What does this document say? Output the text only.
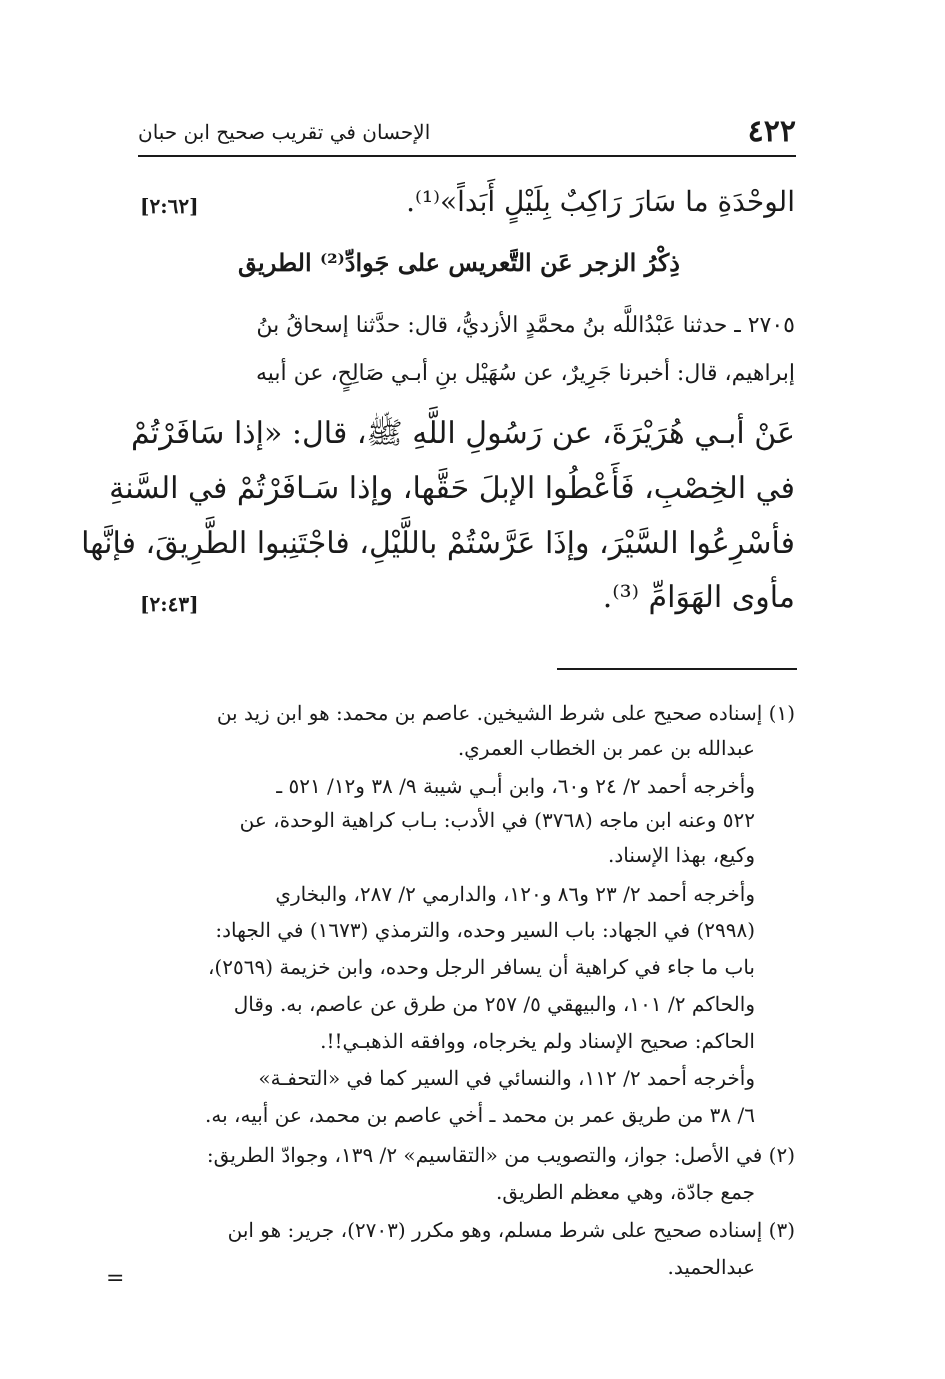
٤٢٢
الإحسان في تقريب صحيح ابن حبان
الوحْدَةِ ما سَارَ رَاكِبٌ بِلَيْلٍ أَبَداً»⁽¹⁾.
[٢:٦٢]
ذِكْرُ الزجر عَن التَّعريس على جَوادِّ⁽²⁾ الطريق
٢٧٠٥ ـ حدثنا عَبْدُاللَّه بنُ محمَّدٍ الأزديُّ، قال: حدَّثنا إسحاقُ بنُ
إبراهيم، قال: أخبرنا جَرِيرٌ، عن سُهَيْل بنِ أبـي صَالِحٍ، عن أبيه
عَنْ أبـي هُرَيْرَةَ، عن رَسُولِ اللَّهِ ﷺ، قال: «إذا سَافَرْتُمْ
في الخِصْبِ، فَأَعْطُوا الإبلَ حَقَّها، وإذا سَـافَرْتُمْ في السَّنةِ
فأسْرِعُوا السَّيْرَ، وإذَا عَرَّسْتُمْ باللَّيْلِ، فاجْتَنِبوا الطَّرِيقَ، فإنَّها
مأوى الهَوَامِّ ⁽³⁾.
[٢:٤٣]
(١) إسناده صحيح على شرط الشيخين. عاصم بن محمد: هو ابن زيد بن
عبدالله بن عمر بن الخطاب العمري.
وأخرجه أحمد ٢/ ٢٤ و٦٠، وابن أبـي شيبة ٩/ ٣٨ و١٢/ ٥٢١ ـ
٥٢٢ وعنه ابن ماجه (٣٧٦٨) في الأدب: بـاب كراهية الوحدة، عن
وكيع، بهذا الإسناد.
وأخرجه أحمد ٢/ ٢٣ و٨٦ و١٢٠، والدارمي ٢/ ٢٨٧، والبخاري
(٢٩٩٨) في الجهاد: باب السير وحده، والترمذي (١٦٧٣) في الجهاد:
باب ما جاء في كراهية أن يسافر الرجل وحده، وابن خزيمة (٢٥٦٩)،
والحاكم ٢/ ١٠١، والبيهقي ٥/ ٢٥٧ من طرق عن عاصم، به. وقال
الحاكم: صحيح الإسناد ولم يخرجاه، ووافقه الذهبـي!!.
وأخرجه أحمد ٢/ ١١٢، والنسائي في السير كما في «التحفـة»
٦/ ٣٨ من طريق عمر بن محمد ـ أخي عاصم بن محمد، عن أبيه، به.
(٢) في الأصل: جواز، والتصويب من «التقاسيم» ٢/ ١٣٩، وجوادّ الطريق:
جمع جادّة، وهي معظم الطريق.
(٣) إسناده صحيح على شرط مسلم، وهو مكرر (٢٧٠٣)، جرير: هو ابن
عبدالحميد.
=
